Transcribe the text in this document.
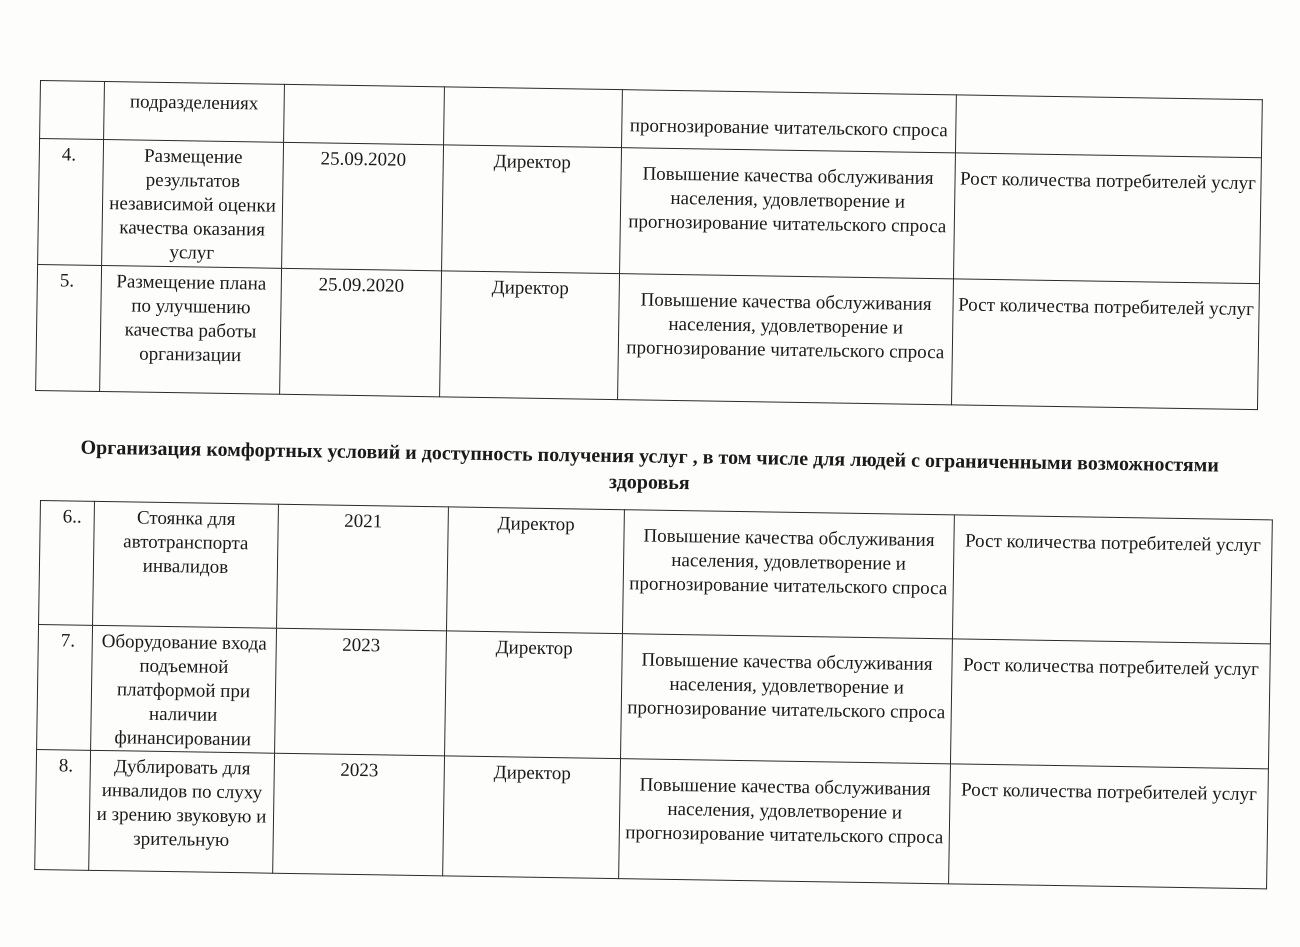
	подразделениях			прогнозирование читательского спроса	
4.	Размещение результатов независимой оценки качества оказания услуг	25.09.2020	Директор	Повышение качества обслуживания населения, удовлетворение и прогнозирование читательского спроса	Рост количества потребителей услуг
5.	Размещение плана по улучшению качества работы организации	25.09.2020	Директор	Повышение качества обслуживания населения, удовлетворение и прогнозирование читательского спроса	Рост количества потребителей услуг
Организация комфортных условий и доступность получения услуг , в том числе для людей с ограниченными возможностями здоровья
6..	Стоянка для автотранспорта инвалидов	2021	Директор	Повышение качества обслуживания населения, удовлетворение и прогнозирование читательского спроса	Рост количества потребителей услуг
7.	Оборудование входа подъемной платформой при наличии финансировании	2023	Директор	Повышение качества обслуживания населения, удовлетворение и прогнозирование читательского спроса	Рост количества потребителей услуг
8.	Дублировать для инвалидов по слуху и зрению звуковую и зрительную	2023	Директор	Повышение качества обслуживания населения, удовлетворение и прогнозирование читательского спроса	Рост количества потребителей услуг
